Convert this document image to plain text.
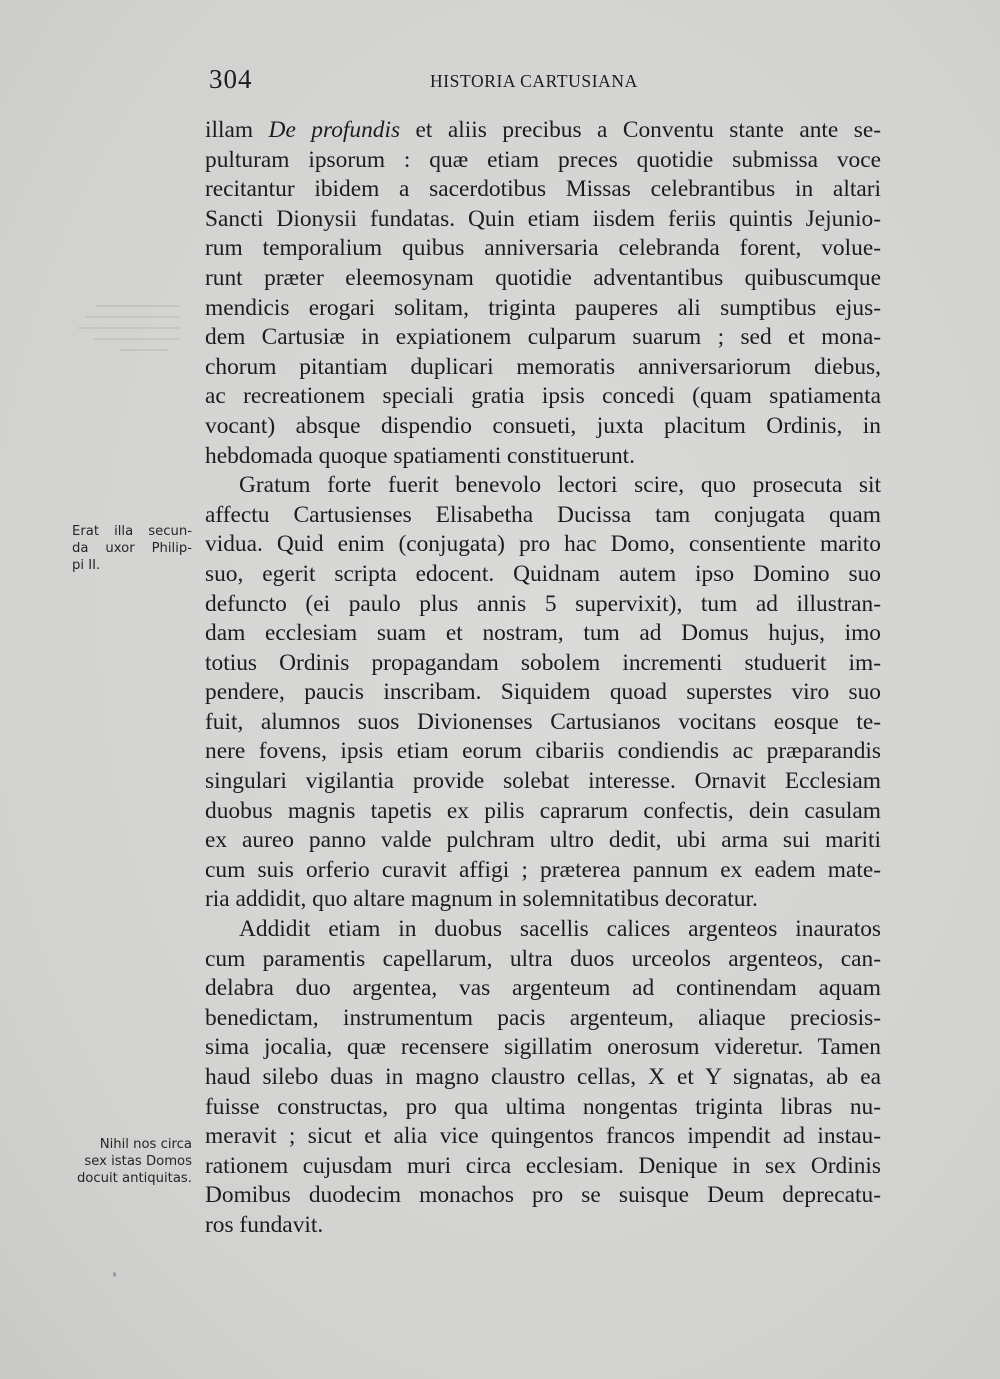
304	HISTORIA CARTUSIANA
illam De profundis et aliis precibus a Conventu stante ante se-
pulturam ipsorum : quæ etiam preces quotidie submissa voce
recitantur ibidem a sacerdotibus Missas celebrantibus in altari
Sancti Dionysii fundatas. Quin etiam iisdem feriis quintis Jejunio-
rum temporalium quibus anniversaria celebranda forent, volue-
runt præter eleemosynam quotidie adventantibus quibuscumque
mendicis erogari solitam, triginta pauperes ali sumptibus ejus-
dem Cartusiæ in expiationem culparum suarum ; sed et mona-
chorum pitantiam duplicari memoratis anniversariorum diebus,
ac recreationem speciali gratia ipsis concedi (quam spatiamenta
vocant) absque dispendio consueti, juxta placitum Ordinis, in
hebdomada quoque spatiamenti constituerunt.
Gratum forte fuerit benevolo lectori scire, quo prosecuta sit
affectu Cartusienses Elisabetha Ducissa tam conjugata quam
vidua. Quid enim (conjugata) pro hac Domo, consentiente marito
suo, egerit scripta edocent. Quidnam autem ipso Domino suo
defuncto (ei paulo plus annis 5 supervixit), tum ad illustran-
dam ecclesiam suam et nostram, tum ad Domus hujus, imo
totius Ordinis propagandam sobolem incrementi studuerit im-
pendere, paucis inscribam. Siquidem quoad superstes viro suo
fuit, alumnos suos Divionenses Cartusianos vocitans eosque te-
nere fovens, ipsis etiam eorum cibariis condiendis ac præparandis
singulari vigilantia provide solebat interesse. Ornavit Ecclesiam
duobus magnis tapetis ex pilis caprarum confectis, dein casulam
ex aureo panno valde pulchram ultro dedit, ubi arma sui mariti
cum suis orferio curavit affigi ; præterea pannum ex eadem mate-
ria addidit, quo altare magnum in solemnitatibus decoratur.
Addidit etiam in duobus sacellis calices argenteos inauratos
cum paramentis capellarum, ultra duos urceolos argenteos, can-
delabra duo argentea, vas argenteum ad continendam aquam
benedictam, instrumentum pacis argenteum, aliaque preciosis-
sima jocalia, quæ recensere sigillatim onerosum videretur. Tamen
haud silebo duas in magno claustro cellas, X et Y signatas, ab ea
fuisse constructas, pro qua ultima nongentas triginta libras nu-
meravit ; sicut et alia vice quingentos francos impendit ad instau-
rationem cujusdam muri circa ecclesiam. Denique in sex Ordinis
Domibus duodecim monachos pro se suisque Deum deprecatu-
ros fundavit.
Erat illa secun-
da uxor Philip-
pi II.
Nihil nos circa
sex istas Domos
docuit antiquitas.
